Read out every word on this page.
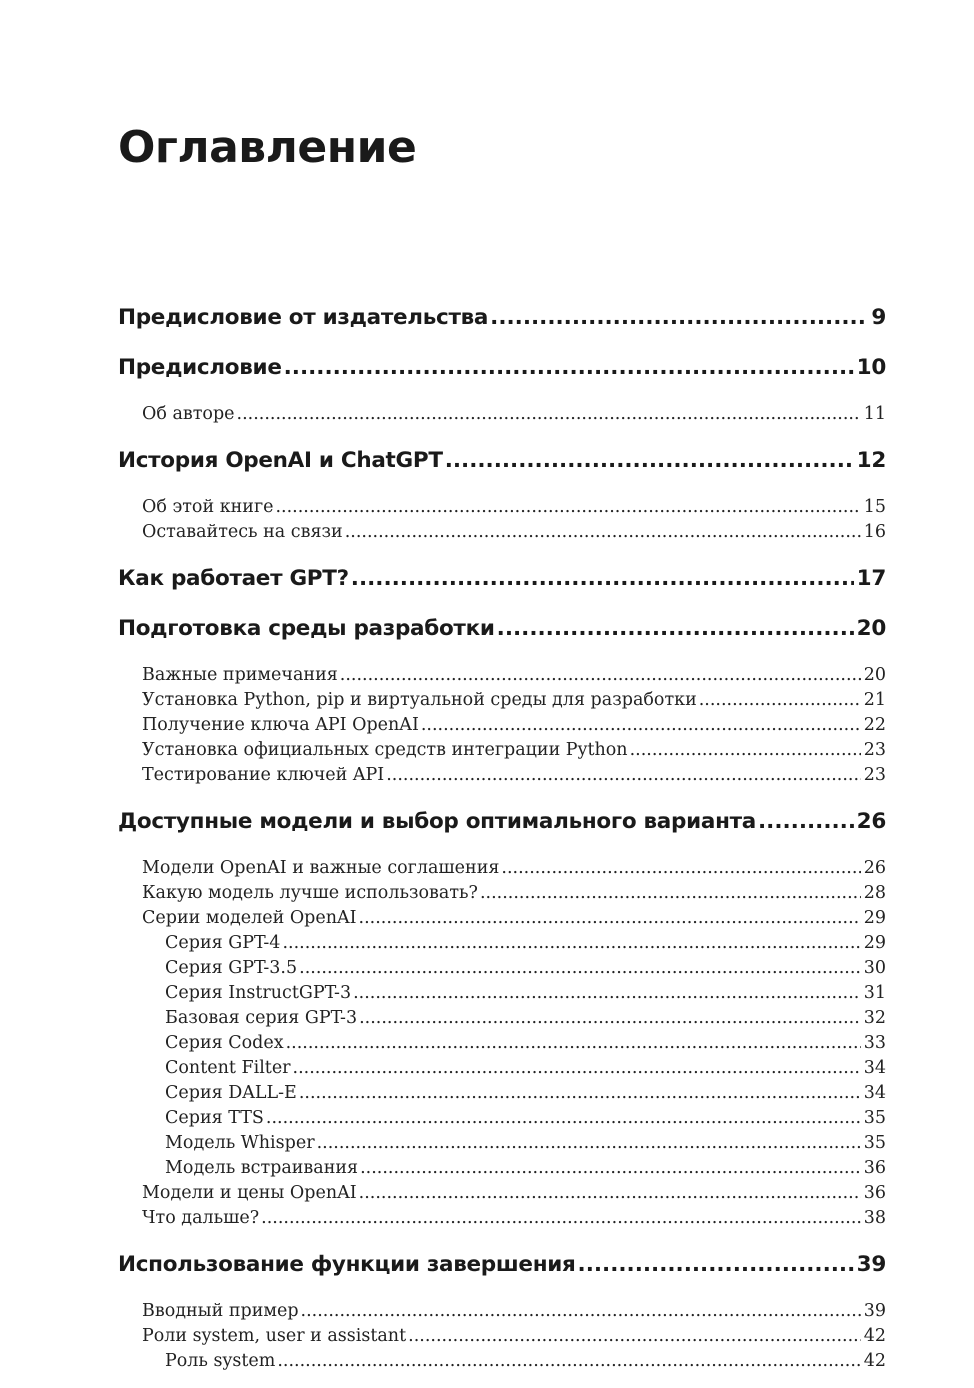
Оглавление
Предисловие от издательства .....	9
Предисловие .....	10
Об авторе .....	11
История OpenAI и ChatGPT .....	12
Об этой книге .....	15
Оставайтесь на связи .....	16
Как работает GPT? .....	17
Подготовка среды разработки .....	20
Важные примечания .....	20
Установка Python, pip и виртуальной среды для разработки .....	21
Получение ключа API OpenAI .....	22
Установка официальных средств интеграции Python .....	23
Тестирование ключей API .....	23
Доступные модели и выбор оптимального варианта .....	26
Модели OpenAI и важные соглашения .....	26
Какую модель лучше использовать? .....	28
Серии моделей OpenAI .....	29
Серия GPT-4 .....	29
Серия GPT-3.5 .....	30
Серия InstructGPT-3 .....	31
Базовая серия GPT-3 .....	32
Серия Codex .....	33
Content Filter .....	34
Серия DALL-E .....	34
Серия TTS .....	35
Модель Whisper .....	35
Модель встраивания .....	36
Модели и цены OpenAI .....	36
Что дальше? .....	38
Использование функции завершения .....	39
Вводный пример .....	39
Роли system, user и assistant .....	42
Роль system .....	42
